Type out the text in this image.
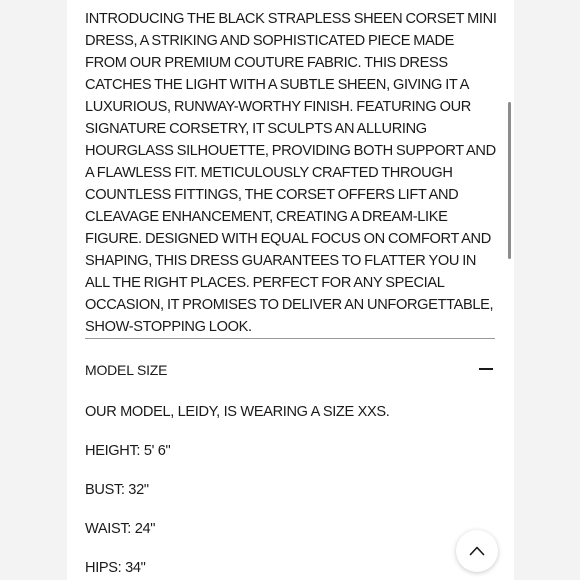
INTRODUCING THE BLACK STRAPLESS SHEEN CORSET MINI DRESS, A STRIKING AND SOPHISTICATED PIECE MADE FROM OUR PREMIUM COUTURE FABRIC. THIS DRESS CATCHES THE LIGHT WITH A SUBTLE SHEEN, GIVING IT A LUXURIOUS, RUNWAY-WORTHY FINISH. FEATURING OUR SIGNATURE CORSETRY, IT SCULPTS AN ALLURING HOURGLASS SILHOUETTE, PROVIDING BOTH SUPPORT AND A FLAWLESS FIT. METICULOUSLY CRAFTED THROUGH COUNTLESS FITTINGS, THE CORSET OFFERS LIFT AND CLEAVAGE ENHANCEMENT, CREATING A DREAM-LIKE FIGURE. DESIGNED WITH EQUAL FOCUS ON COMFORT AND SHAPING, THIS DRESS GUARANTEES TO FLATTER YOU IN ALL THE RIGHT PLACES. PERFECT FOR ANY SPECIAL OCCASION, IT PROMISES TO DELIVER AN UNFORGETTABLE, SHOW-STOPPING LOOK.

MODEL SIZE
OUR MODEL, LEIDY, IS WEARING A SIZE XXS.
HEIGHT: 5' 6"
BUST: 32"
WAIST: 24"
HIPS: 34"
